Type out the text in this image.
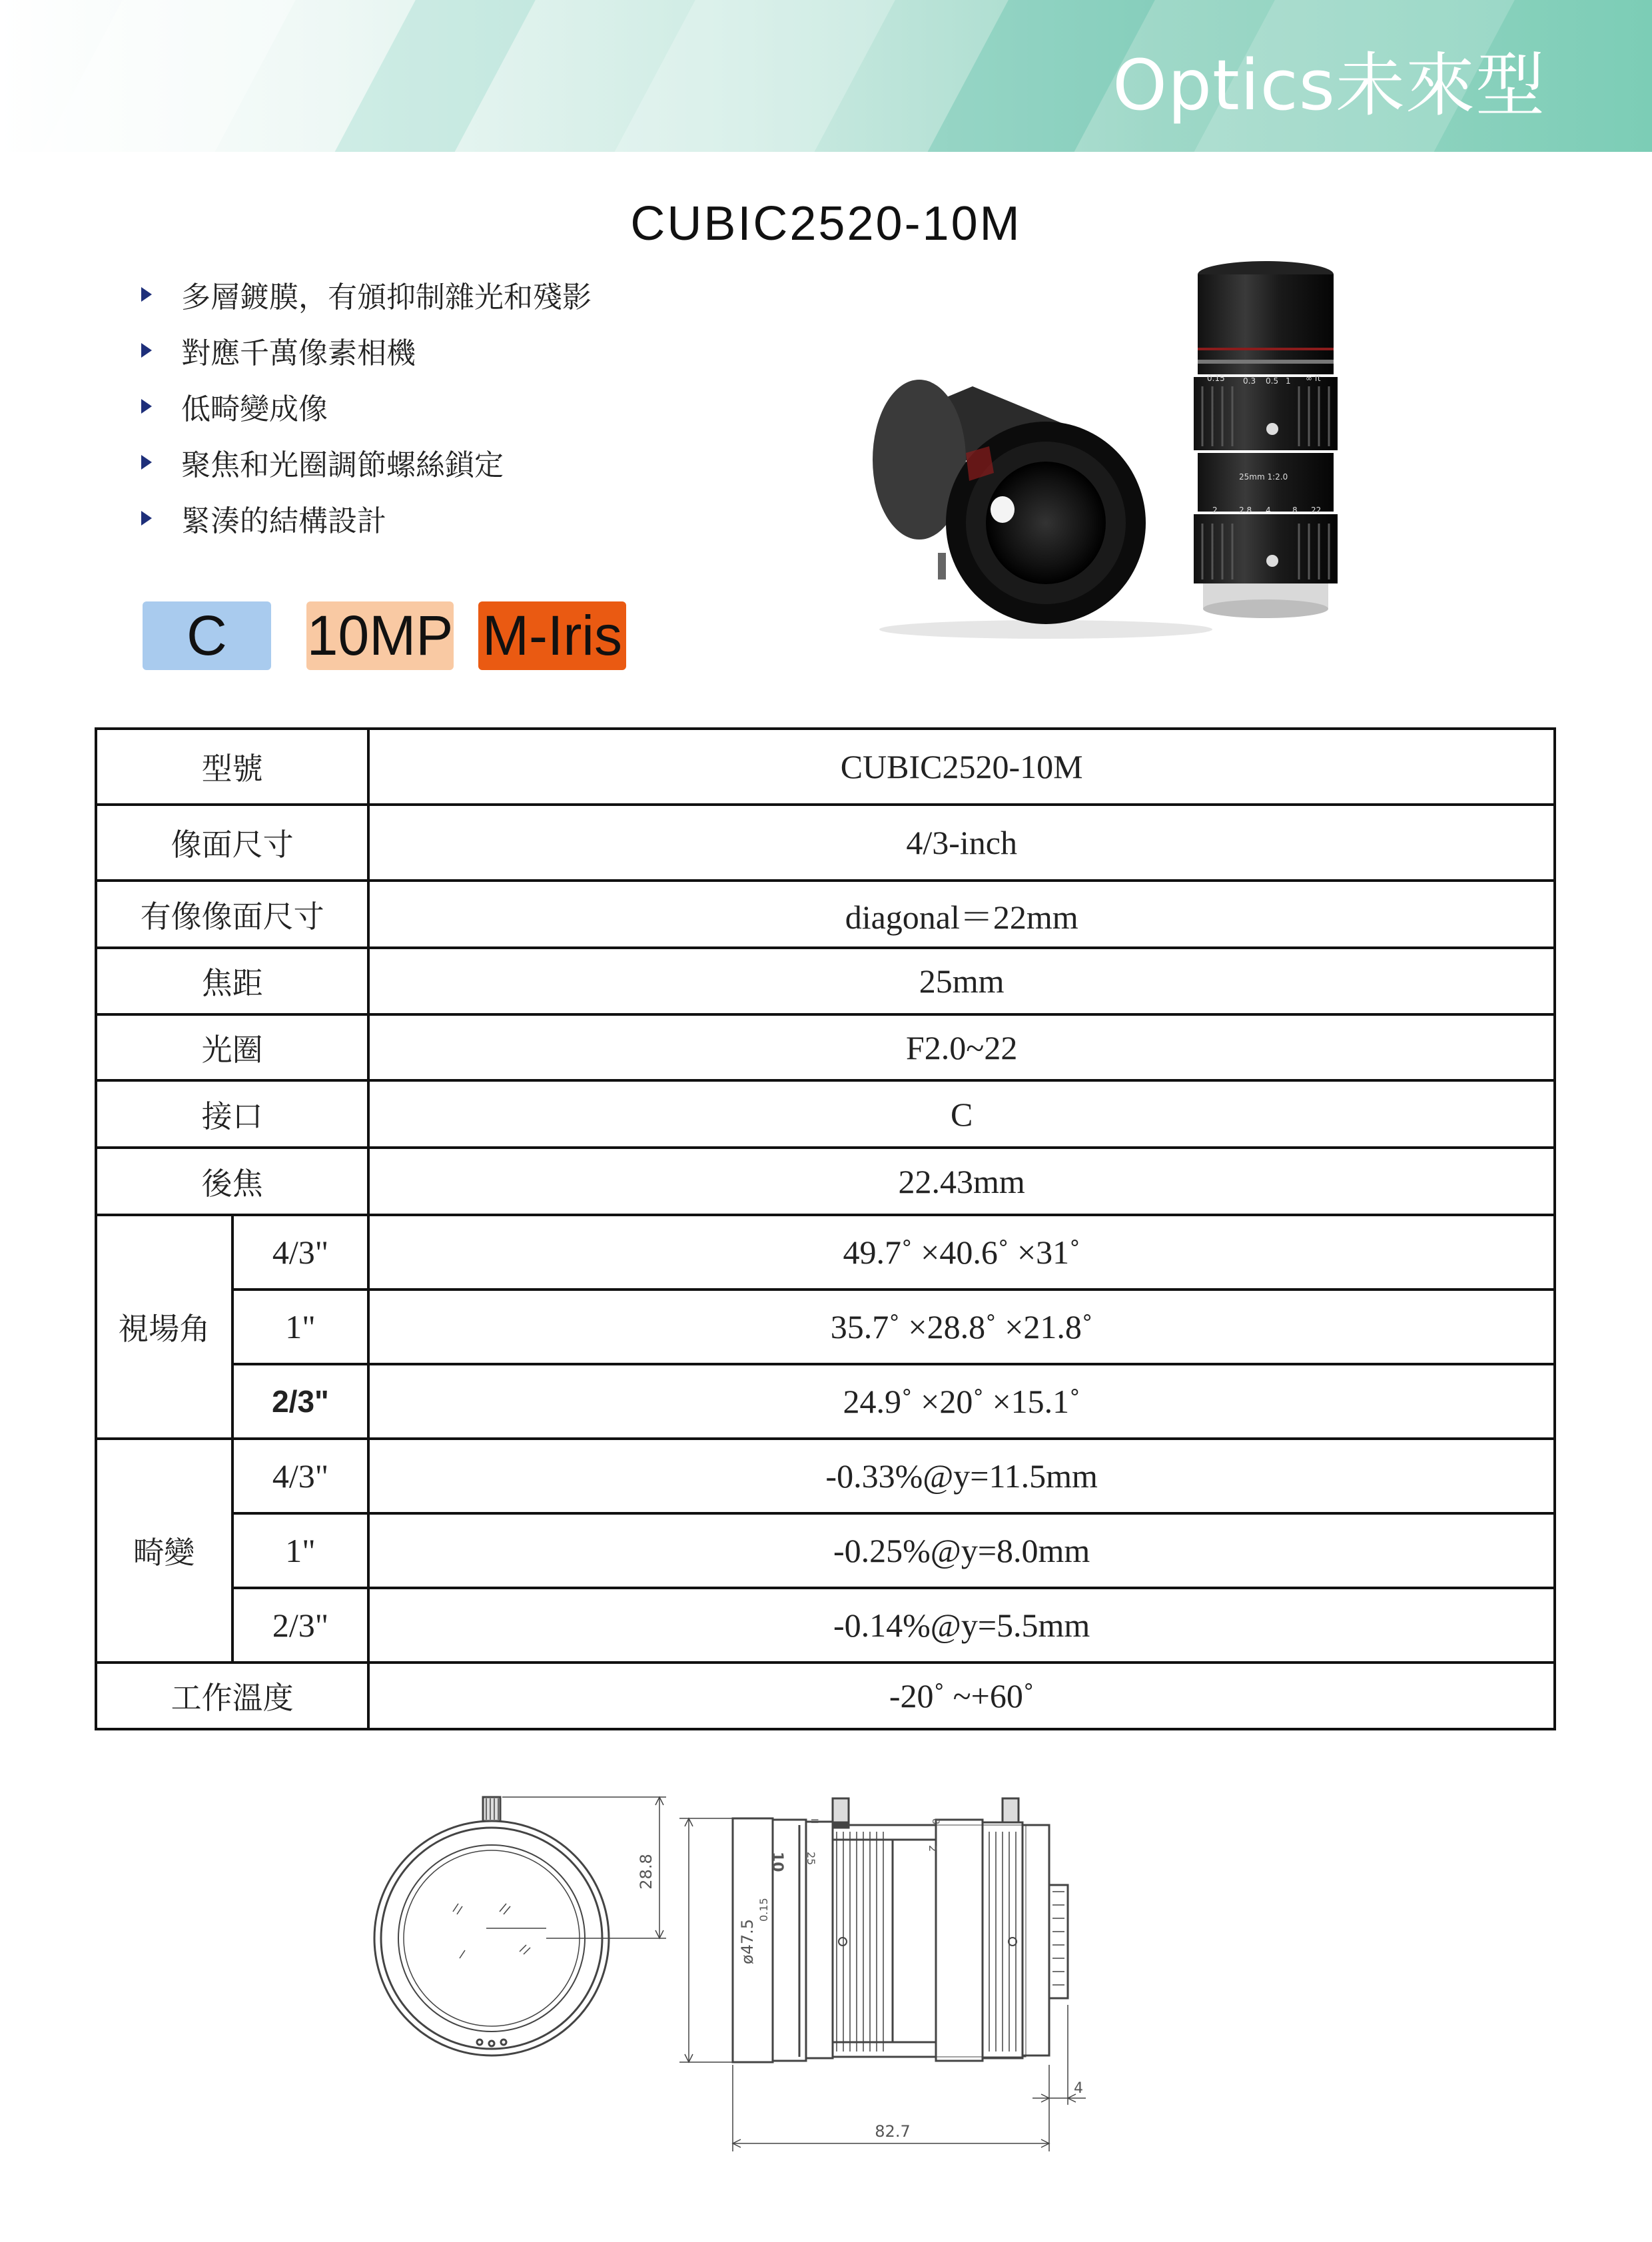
Optics未來型
CUBIC2520-10M
多層鍍膜，有頒抑制雜光和殘影
對應千萬像素相機
低畸變成像
聚焦和光圈調節螺絲鎖定
緊湊的結構設計
C	10MP M-Iris
0.15 0.3 0.5 1 ∞ ft
25mm 1:2.0
2	2.8 4	8 22
型號		CUBIC2520-10M
像面尺寸		4/3-inch
有像像面尺寸		diagonal＝22mm
焦距		25mm
光圈		F2.0~22
接口		C
後焦		22.43mm
視場角	4/3"	49.7˚ ×40.6˚ ×31˚
	1"	35.7˚ ×28.8˚ ×21.8˚
	2/3"	24.9˚ ×20˚ ×15.1˚
畸變	4/3"	-0.33%@y=11.5mm
	1"	-0.25%@y=8.0mm
	2/3"	-0.14%@y=5.5mm
工作溫度		-20˚ ~+60˚
28.8	10
0.15
25
2
II	8
ø47.5
82.7
4
